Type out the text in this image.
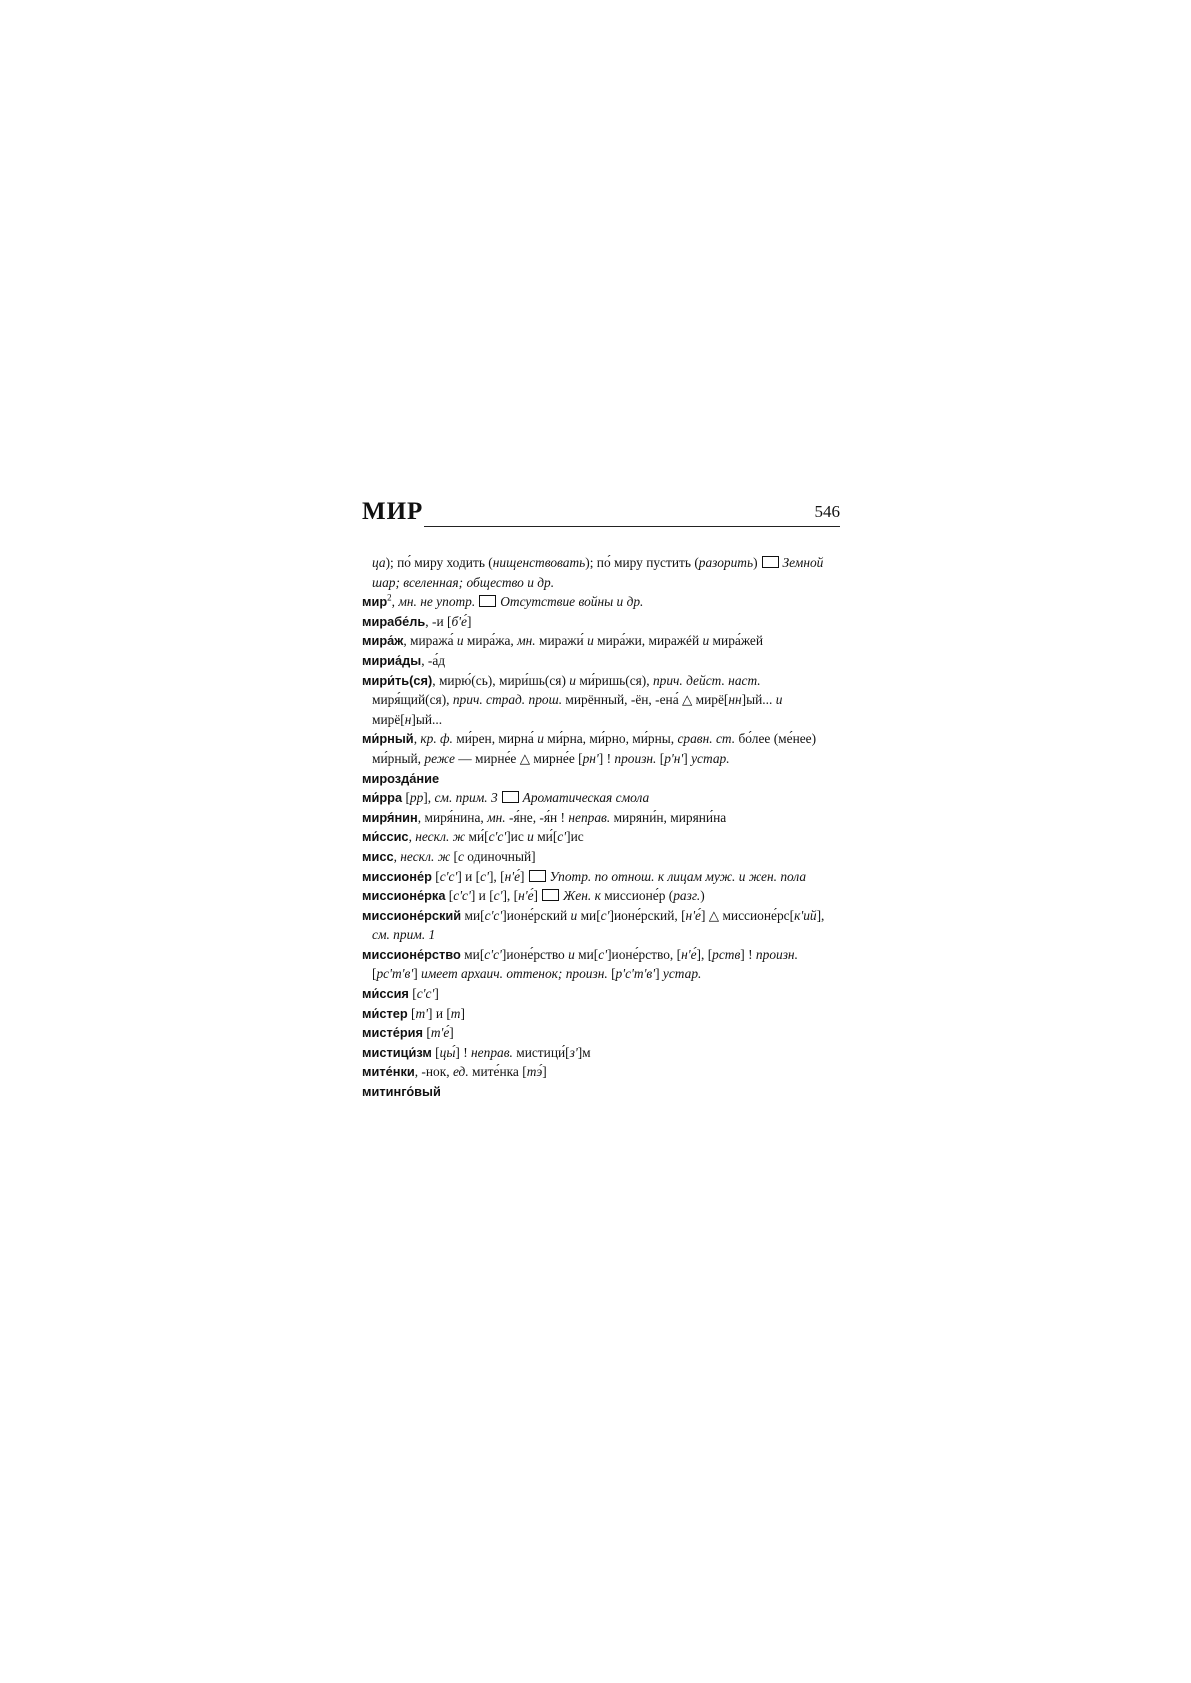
МИР	546
ца); по́ миру ходить (нищенствовать); по́ миру пустить (разорить) Земной шар; вселенная; общество и др.
мир$^2$, мн. не употр. Отсутствие войны и др.
мирабе́ль, -и [б'е́]
мира́ж, миража́ и мира́жа, мн. миражи́ и мира́жи, миражéй и мира́жей
мириа́ды, -а́д
мири́ть(ся), мирю́(сь), мири́шь(ся) и ми́ришь(ся), прич. дейст. наст. миря́щий(ся), прич. страд. прош. мирённый, -ён, -ена́ △ мирё[нн]ый... и мирё[н]ый...
ми́рный, кр. ф. ми́рен, мирна́ и ми́рна, ми́рно, ми́рны, сравн. ст. бо́лее (ме́нее) ми́рный, реже — мирне́е △ мирне́е [рн'] ! произн. [р'н'] устар.
мирозда́ние
ми́рра [рр], см. прим. 3 Ароматическая смола
миря́нин, миря́нина, мн. -я́не, -я́н ! неправ. миряни́н, миряни́на
ми́ссис, нескл. ж ми́[с'с']ис и ми́[с']ис
мисс, нескл. ж [с одиночный]
миссионе́р [с'с'] и [с'], [н'е́] Употр. по отнош. к лицам муж. и жен. пола
миссионе́рка [с'с'] и [с'], [н'е́] Жен. к миссионе́р (разг.)
миссионе́рский ми[с'с']ионе́рский и ми[с']ионе́рский, [н'е́] △ миссионе́рс[к'ий], см. прим. 1
миссионе́рство ми[с'с']ионе́рство и ми[с']ионе́рство, [н'е́], [рств] ! произн. [рс'т'в'] имеет архаич. оттенок; произн. [р'с'т'в'] устар.
ми́ссия [с'с']
ми́стер [т'] и [т]
мисте́рия [т'е́]
мистици́зм [цы́] ! неправ. мистици́[з']м
мите́нки, -нок, ед. мите́нка [тэ́]
митинго́вый
